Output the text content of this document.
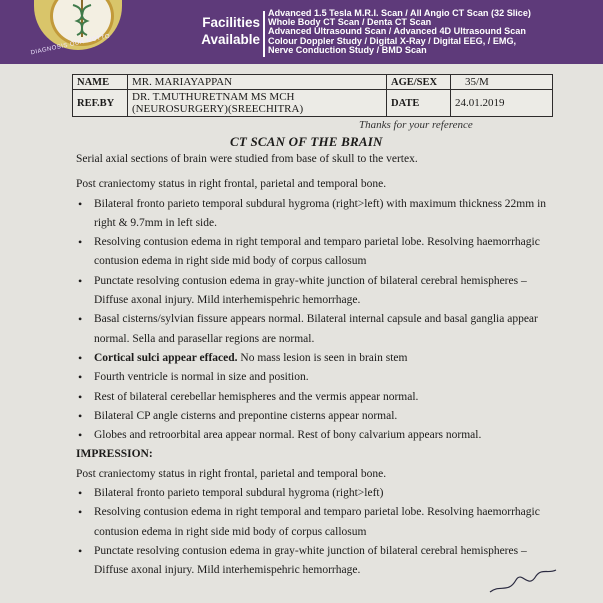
DIAGNOSIS OUR MOTTO
Facilities
Available
Advanced 1.5 Tesla M.R.I. Scan / All Angio CT Scan (32 Slice)
Whole Body CT Scan / Denta CT Scan
Advanced Ultrasound Scan / Advanced 4D Ultrasound Scan
Colour Doppler Study / Digital X-Ray / Digital EEG, / EMG,
Nerve Conduction Study / BMD Scan
NAME	MR. MARIAYAPPAN	AGE/SEX	35/M
REF.BY	DR. T.MUTHURETNAM MS MCH
(NEUROSURGERY)(SREECHITRA)	DATE	24.01.2019
Thanks for your reference
CT SCAN OF THE BRAIN

Serial axial sections of brain were studied from base of skull to the vertex.

Post craniectomy status in right frontal, parietal and temporal bone.

• Bilateral fronto parieto temporal subdural hygroma (right>left) with maximum thickness 22mm in right & 9.7mm in left side.
• Resolving contusion edema in right temporal and temparo parietal lobe. Resolving haemorrhagic contusion edema in right side mid body of corpus callosum
• Punctate resolving contusion edema in gray-white junction of bilateral cerebral hemispheres – Diffuse axonal injury. Mild interhemispehric hemorrhage.
• Basal cisterns/sylvian fissure appears normal. Bilateral internal capsule and basal ganglia appear normal. Sella and parasellar regions are normal.
• Cortical sulci appear effaced. No mass lesion is seen in brain stem
• Fourth ventricle is normal in size and position.
• Rest of bilateral cerebellar hemispheres and the vermis appear normal.
• Bilateral CP angle cisterns and prepontine cisterns appear normal.
• Globes and retroorbital area appear normal. Rest of bony calvarium appears normal.

IMPRESSION:

Post craniectomy status in right frontal, parietal and temporal bone.

• Bilateral fronto parieto temporal subdural hygroma (right>left)
• Resolving contusion edema in right temporal and temparo parietal lobe. Resolving haemorrhagic contusion edema in right side mid body of corpus callosum
• Punctate resolving contusion edema in gray-white junction of bilateral cerebral hemispheres – Diffuse axonal injury. Mild interhemispehric hemorrhage.
